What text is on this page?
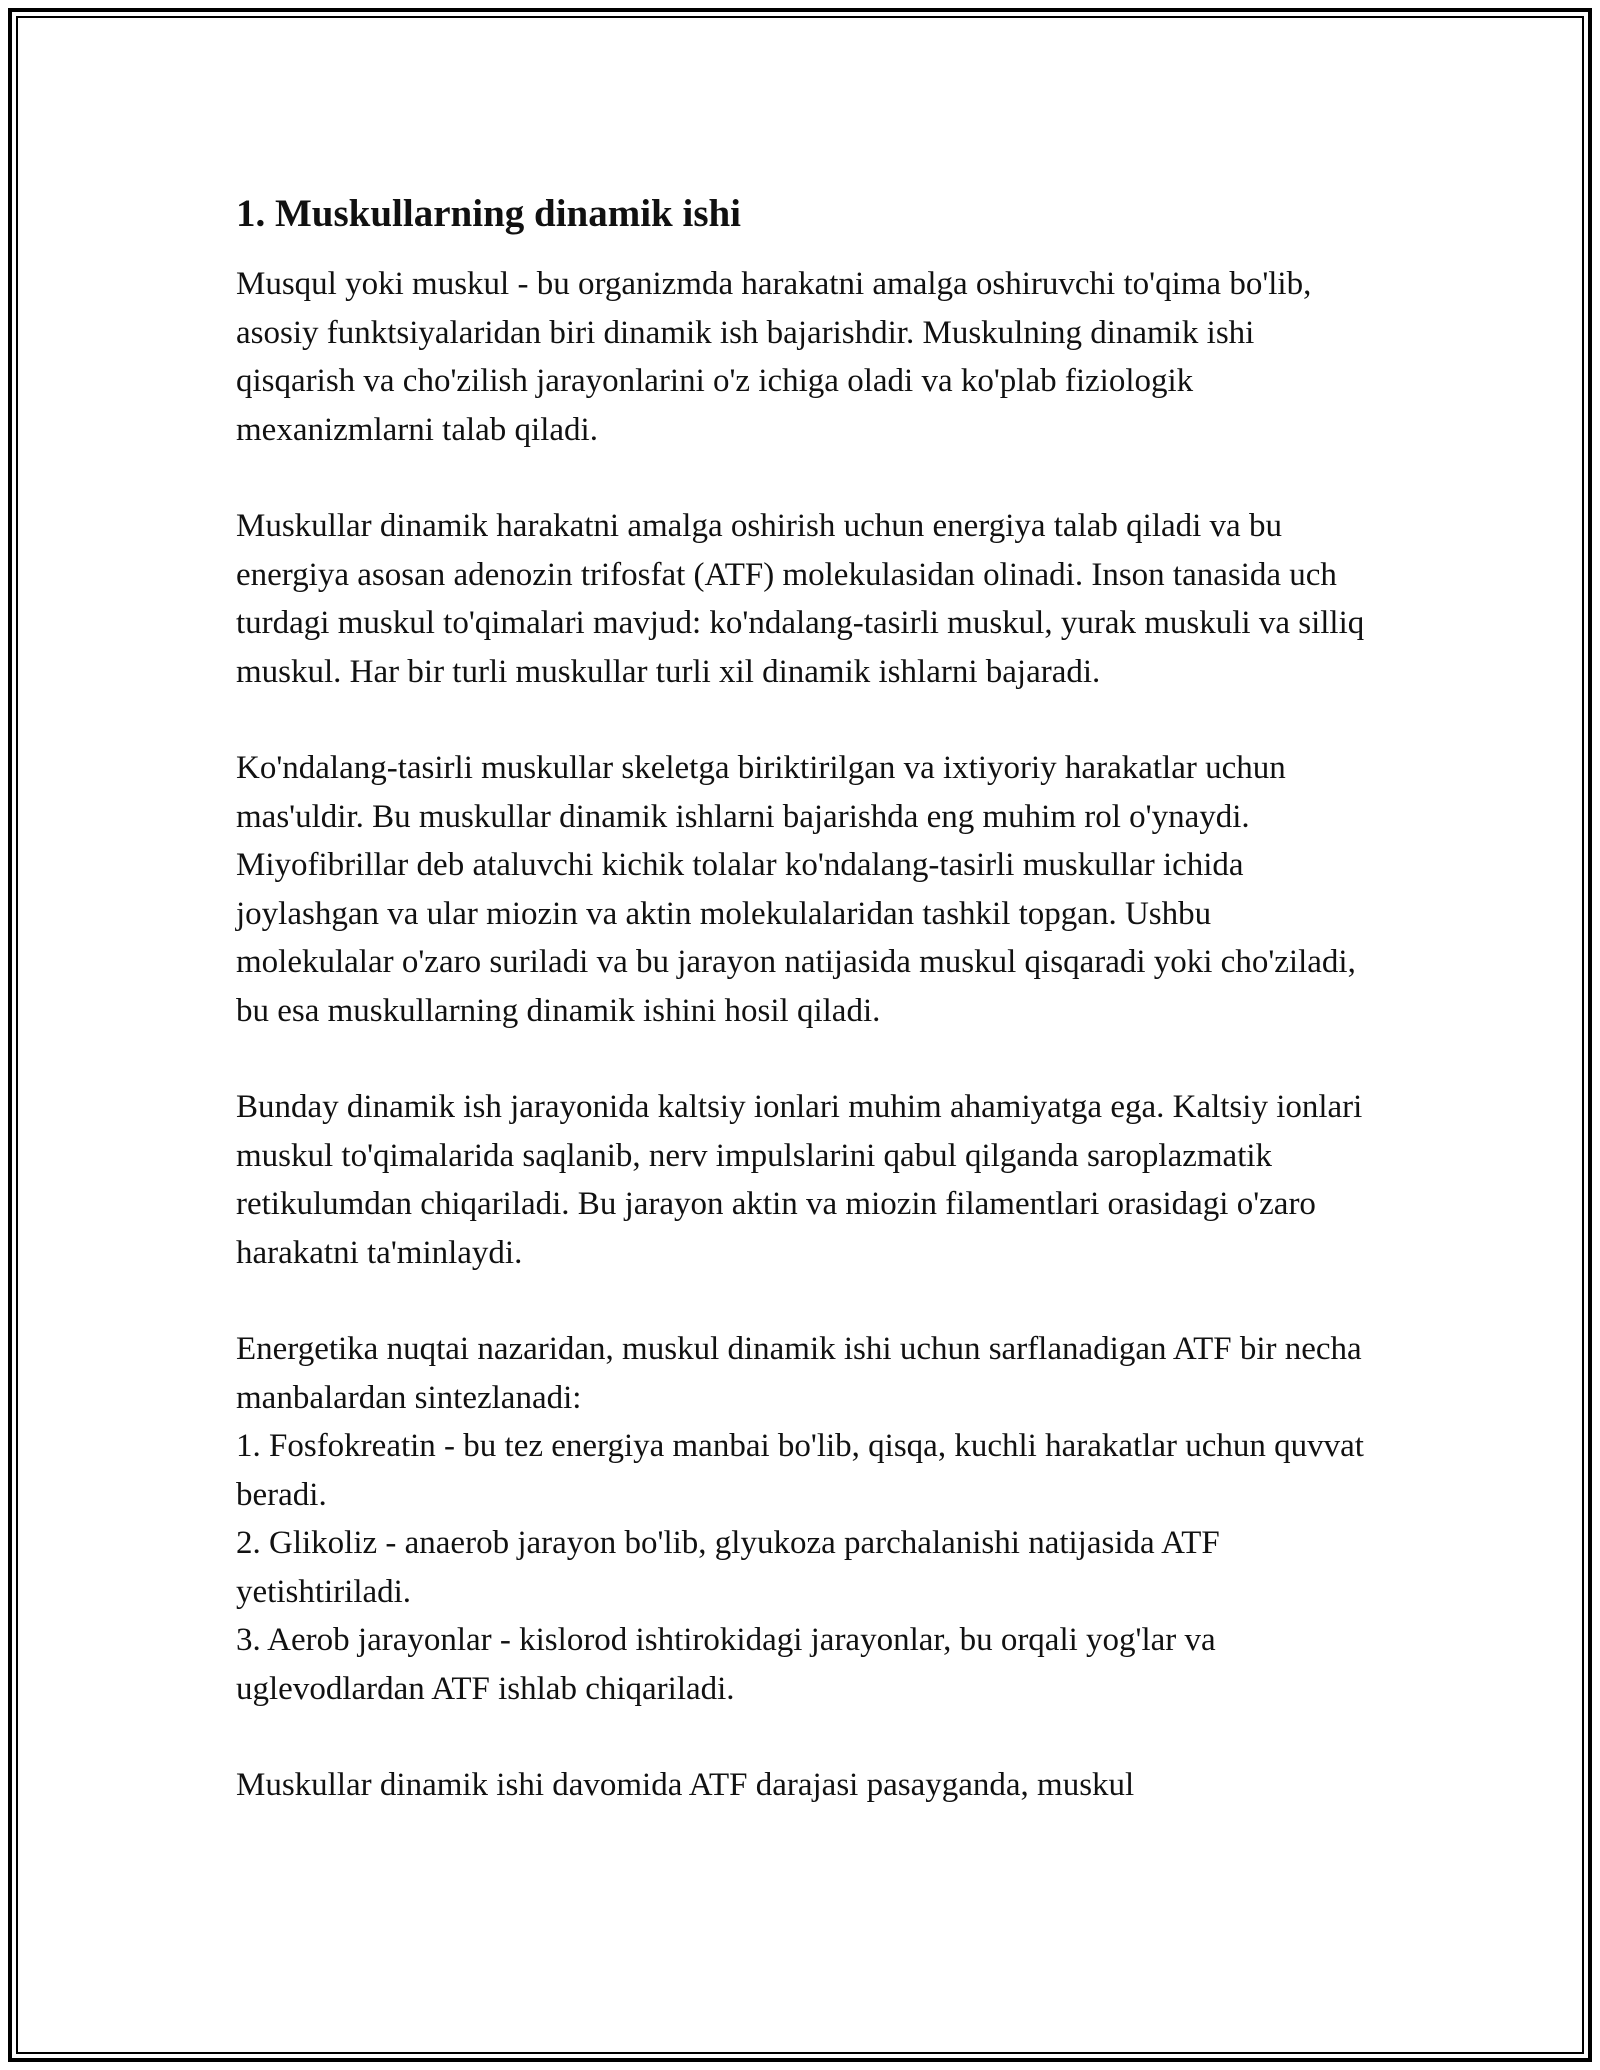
1. Muskullarning dinamik ishi

Musqul yoki muskul - bu organizmda harakatni amalga oshiruvchi to'qima bo'lib, asosiy funktsiyalaridan biri dinamik ish bajarishdir. Muskulning dinamik ishi qisqarish va cho'zilish jarayonlarini o'z ichiga oladi va ko'plab fiziologik mexanizmlarni talab qiladi.

Muskullar dinamik harakatni amalga oshirish uchun energiya talab qiladi va bu energiya asosan adenozin trifosfat (ATF) molekulasidan olinadi. Inson tanasida uch turdagi muskul to'qimalari mavjud: ko'ndalang-tasirli muskul, yurak muskuli va silliq muskul. Har bir turli muskullar turli xil dinamik ishlarni bajaradi.

Ko'ndalang-tasirli muskullar skeletga biriktirilgan va ixtiyoriy harakatlar uchun mas'uldir. Bu muskullar dinamik ishlarni bajarishda eng muhim rol o'ynaydi. Miyofibrillar deb ataluvchi kichik tolalar ko'ndalang-tasirli muskullar ichida joylashgan va ular miozin va aktin molekulalaridan tashkil topgan. Ushbu molekulalar o'zaro suriladi va bu jarayon natijasida muskul qisqaradi yoki cho'ziladi, bu esa muskullarning dinamik ishini hosil qiladi.

Bunday dinamik ish jarayonida kaltsiy ionlari muhim ahamiyatga ega. Kaltsiy ionlari muskul to'qimalarida saqlanib, nerv impulslarini qabul qilganda saroplazmatik retikulumdan chiqariladi. Bu jarayon aktin va miozin filamentlari orasidagi o'zaro harakatni ta'minlaydi.

Energetika nuqtai nazaridan, muskul dinamik ishi uchun sarflanadigan ATF bir necha manbalardan sintezlanadi:
1. Fosfokreatin - bu tez energiya manbai bo'lib, qisqa, kuchli harakatlar uchun quvvat beradi.
2. Glikoliz - anaerob jarayon bo'lib, glyukoza parchalanishi natijasida ATF yetishtiriladi.
3. Aerob jarayonlar - kislorod ishtirokidagi jarayonlar, bu orqali yog'lar va uglevodlardan ATF ishlab chiqariladi.

Muskullar dinamik ishi davomida ATF darajasi pasayganda, muskul
